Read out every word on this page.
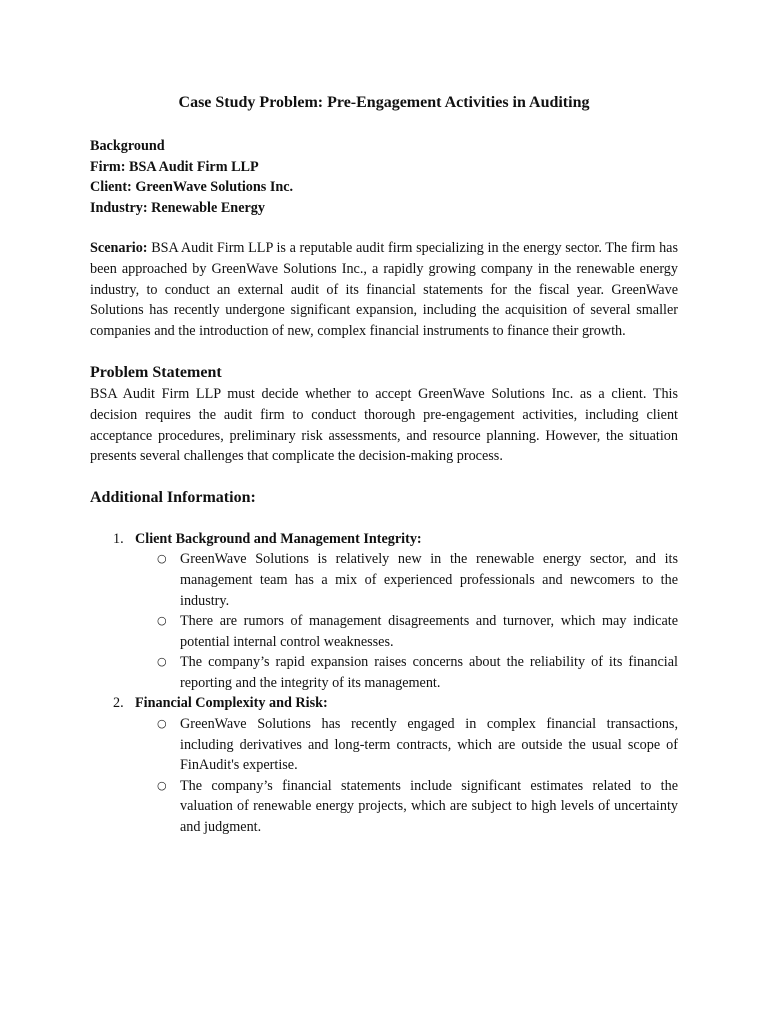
Case Study Problem: Pre-Engagement Activities in Auditing
Background
Firm: BSA Audit Firm LLP
Client: GreenWave Solutions Inc.
Industry: Renewable Energy

Scenario: BSA Audit Firm LLP is a reputable audit firm specializing in the energy sector. The firm has been approached by GreenWave Solutions Inc., a rapidly growing company in the renewable energy industry, to conduct an external audit of its financial statements for the fiscal year. GreenWave Solutions has recently undergone significant expansion, including the acquisition of several smaller companies and the introduction of new, complex financial instruments to finance their growth.

Problem Statement

BSA Audit Firm LLP must decide whether to accept GreenWave Solutions Inc. as a client. This decision requires the audit firm to conduct thorough pre-engagement activities, including client acceptance procedures, preliminary risk assessments, and resource planning. However, the situation presents several challenges that complicate the decision-making process.

Additional Information:
1. Client Background and Management Integrity:
○ GreenWave Solutions is relatively new in the renewable energy sector, and its management team has a mix of experienced professionals and newcomers to the industry.
○ There are rumors of management disagreements and turnover, which may indicate potential internal control weaknesses.
○ The company’s rapid expansion raises concerns about the reliability of its financial reporting and the integrity of its management.
2. Financial Complexity and Risk:
○ GreenWave Solutions has recently engaged in complex financial transactions, including derivatives and long-term contracts, which are outside the usual scope of FinAudit's expertise.
○ The company’s financial statements include significant estimates related to the valuation of renewable energy projects, which are subject to high levels of uncertainty and judgment.
